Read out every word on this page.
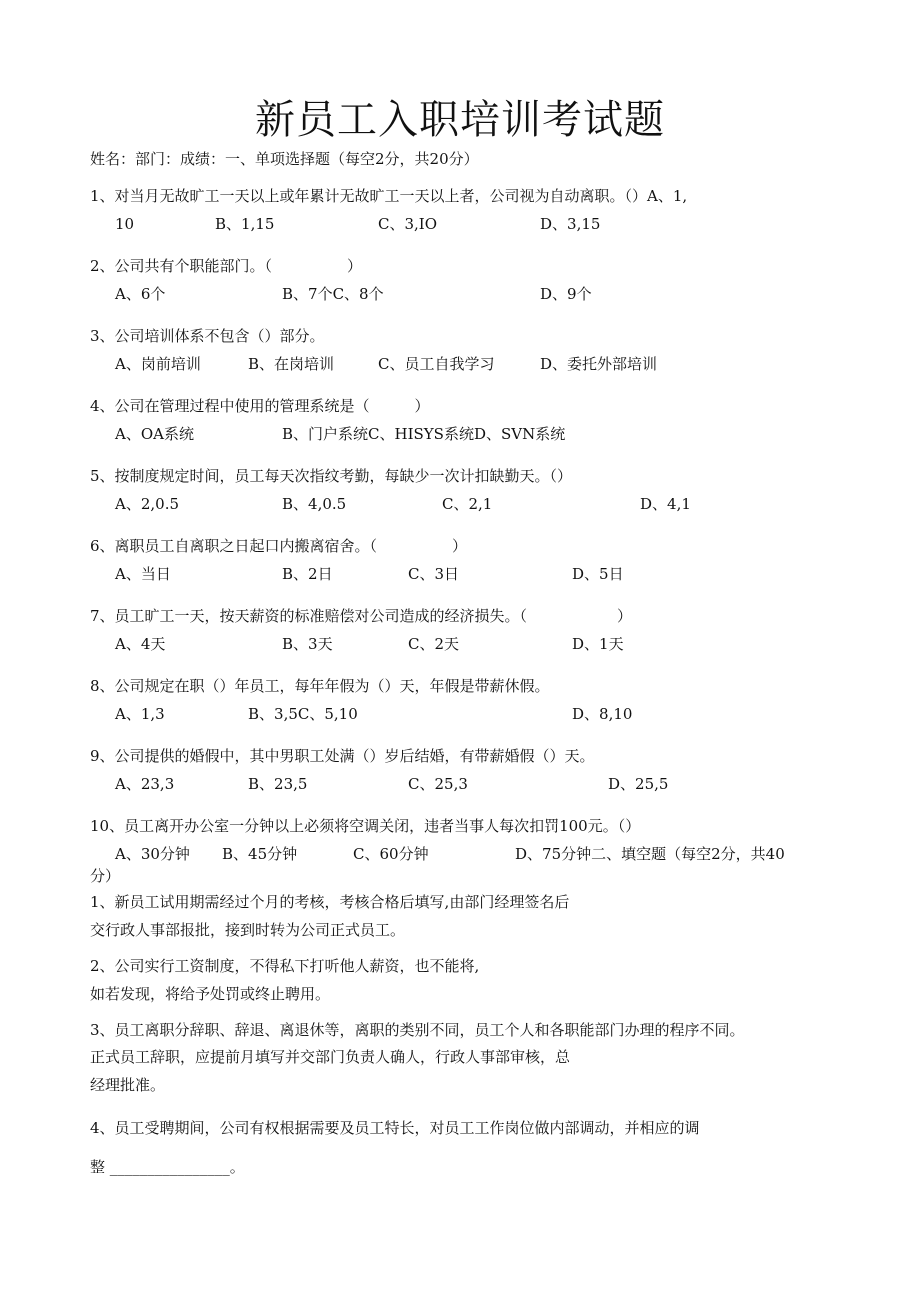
新员工入职培训考试题
姓名：部门：成绩：一、单项选择题（每空2分，共20分）
1、对当月无故旷工一天以上或年累计无故旷工一天以上者，公司视为自动离职。（）A、1,
10	B、1,15	C、3,IO	D、3,15
2、公司共有个职能部门。（　　　　　）
A、6个	B、7个C、8个	D、9个
3、公司培训体系不包含（）部分。
A、岗前培训	B、在岗培训	C、员工自我学习	D、委托外部培训
4、公司在管理过程中使用的管理系统是（　　　）
A、OA系统	B、门户系统C、HISYS系统D、SVN系统
5、按制度规定时间，员工每天次指纹考勤，每缺少一次计扣缺勤天。（）
A、2,0.5	B、4,0.5	C、2,1	D、4,1
6、离职员工自离职之日起口内搬离宿舍。（　　　　　）
A、当日	B、2日	C、3日	D、5日
7、员工旷工一天，按天薪资的标准赔偿对公司造成的经济损失。（　　　　　　）
A、4天	B、3天	C、2天	D、1天
8、公司规定在职（）年员工，每年年假为（）天，年假是带薪休假。
A、1,3	B、3,5C、5,10	D、8,10
9、公司提供的婚假中，其中男职工处满（）岁后结婚，有带薪婚假（）天。
A、23,3	B、23,5	C、25,3	D、25,5
10、员工离开办公室一分钟以上必须将空调关闭，违者当事人每次扣罚100元。（）
A、30分钟 B、45分钟	C、60分钟	D、75分钟二、填空题（每空2分，共40
分）
1、新员工试用期需经过个月的考核，考核合格后填写,由部门经理签名后
交行政人事部报批，接到时转为公司正式员工。
2、公司实行工资制度，不得私下打听他人薪资，也不能将,
如若发现，将给予处罚或终止聘用。
3、员工离职分辞职、辞退、离退休等，离职的类别不同，员工个人和各职能部门办理的程序不同。
正式员工辞职，应提前月填写并交部门负责人确人，行政人事部审核，总
经理批准。
4、员工受聘期间，公司有权根据需要及员工特长，对员工工作岗位做内部调动，并相应的调
整 ________________。
